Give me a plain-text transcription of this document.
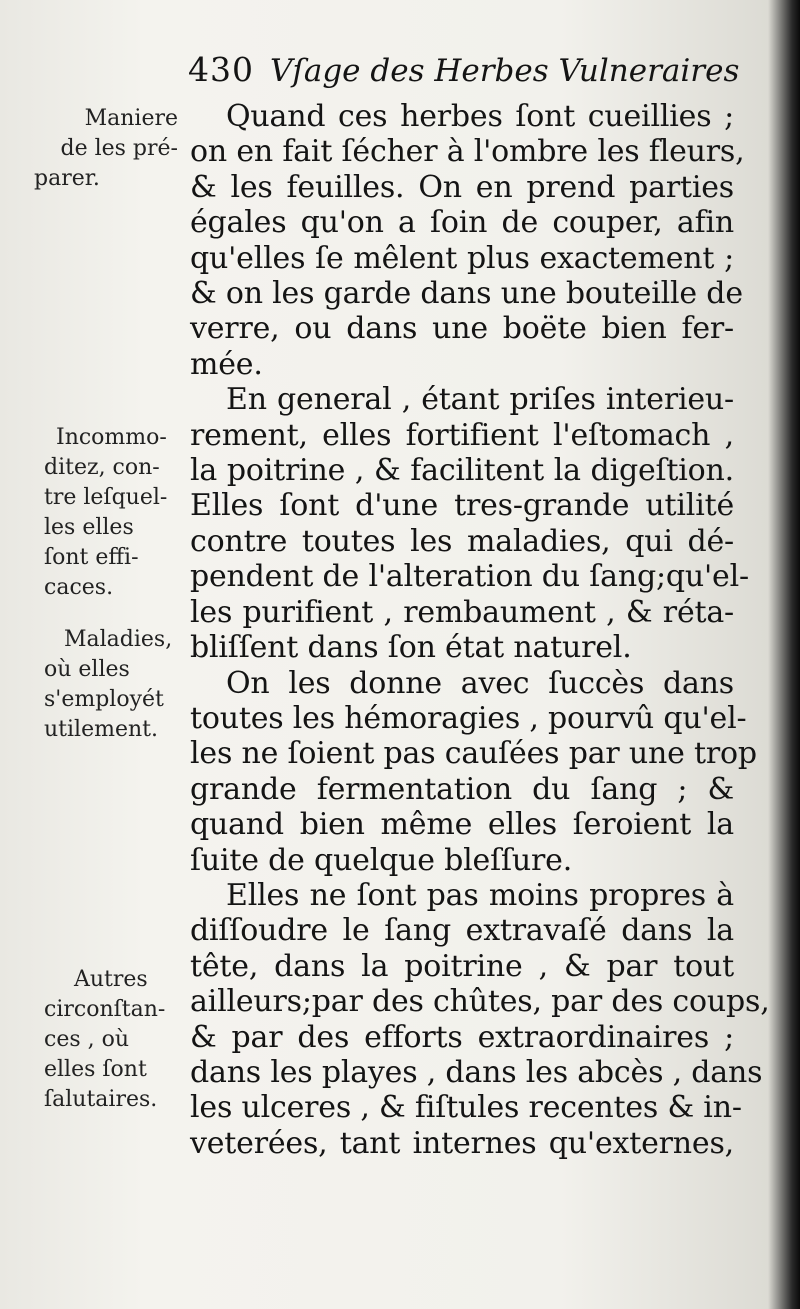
430 Vſage des Herbes Vulneraires
Maniere
de les pré-
parer.
Incommo-
ditez, con-
tre leſquel-
les elles
ſont effi-
caces.
Maladies,
où elles
s'employét
utilement.
Autres
circonſtan-
ces , où
elles ſont
ſalutaires.
Quand ces herbes ſont cueillies ;
on en fait ſécher à l'ombre les fleurs,
& les feuilles. On en prend parties
égales qu'on a ſoin de couper, afin
qu'elles ſe mêlent plus exactement ;
& on les garde dans une bouteille de
verre, ou dans une boëte bien fer-
mée.
En general , étant priſes interieu-
rement, elles fortifient l'eſtomach ,
la poitrine , & facilitent la digeſtion.
Elles ſont d'une tres-grande utilité
contre toutes les maladies, qui dé-
pendent de l'alteration du ſang;qu'el-
les purifient , rembaument , & réta-
bliſſent dans ſon état naturel.
On les donne avec ſuccès dans
toutes les hémoragies , pourvû qu'el-
les ne ſoient pas cauſées par une trop
grande fermentation du ſang ; &
quand bien même elles ſeroient la
ſuite de quelque bleſſure.
Elles ne ſont pas moins propres à
diſſoudre le ſang extravaſé dans la
tête, dans la poitrine , & par tout
ailleurs;par des chûtes, par des coups,
& par des efforts extraordinaires ;
dans les playes , dans les abcès , dans
les ulceres , & fiſtules recentes & in-
veterées, tant internes qu'externes,
